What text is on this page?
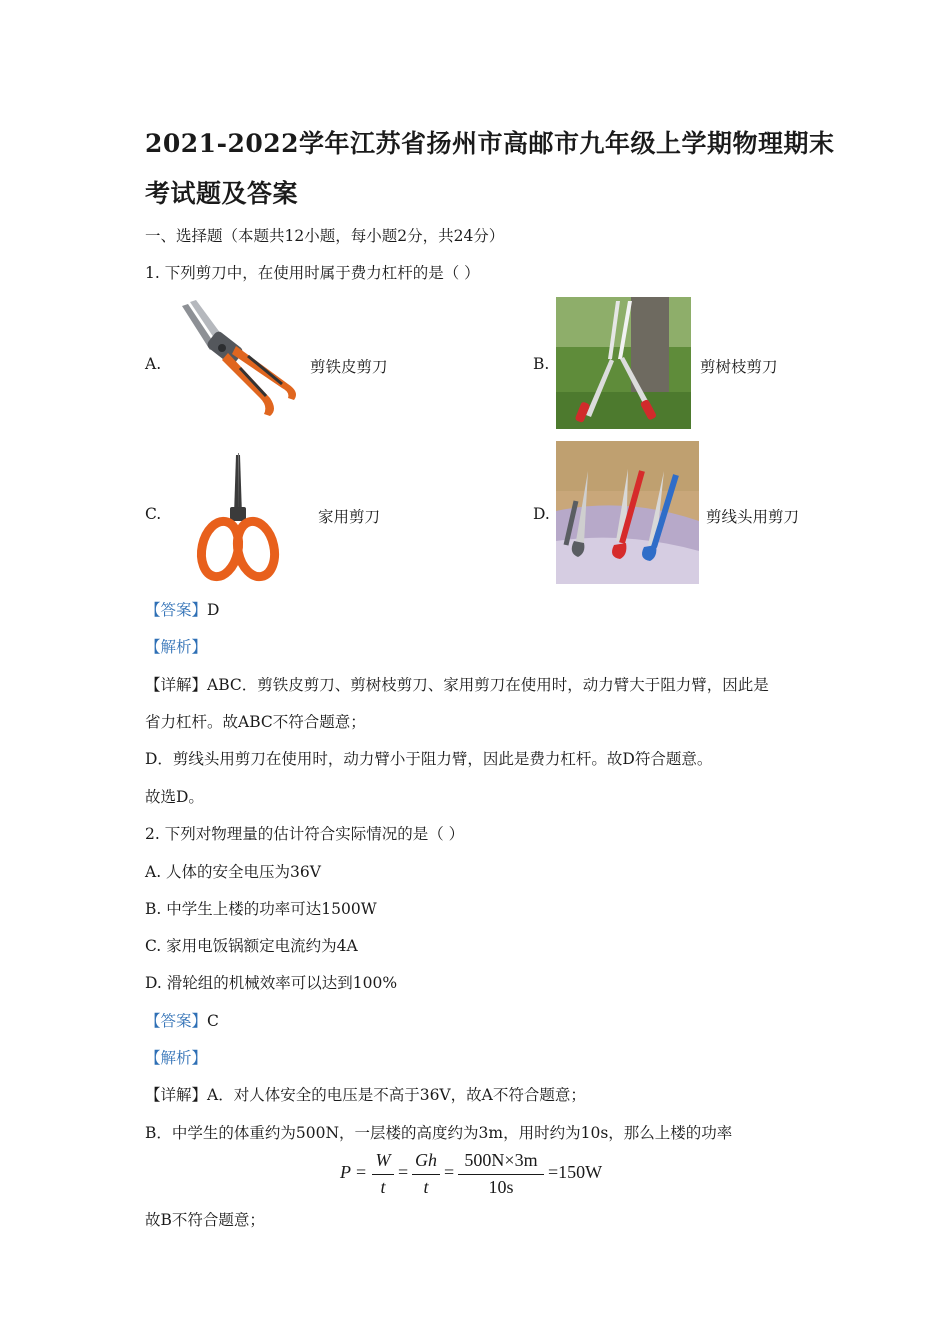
2021-2022学年江苏省扬州市高邮市九年级上学期物理期末
考试题及答案
一、选择题（本题共12小题，每小题2分，共24分）
1. 下列剪刀中，在使用时属于费力杠杆的是（ ）
A.	剪铁皮剪刀	B.	剪树枝剪刀
C.	家用剪刀	D.	剪线头用剪刀
【答案】D
【解析】
【详解】ABC．剪铁皮剪刀、剪树枝剪刀、家用剪刀在使用时，动力臂大于阻力臂，因此是
省力杠杆。故ABC不符合题意；
D．剪线头用剪刀在使用时，动力臂小于阻力臂，因此是费力杠杆。故D符合题意。
故选D。
2. 下列对物理量的估计符合实际情况的是（ ）
A. 人体的安全电压为36V
B. 中学生上楼的功率可达1500W
C. 家用电饭锅额定电流约为4A
D. 滑轮组的机械效率可以达到100%
【答案】C
【解析】
【详解】A．对人体安全的电压是不高于36V，故A不符合题意；
B．中学生的体重约为500N，一层楼的高度约为3m，用时约为10s，那么上楼的功率
P =
W
t
=
Gh
t
=
500N×3m
10s
=150W
故B不符合题意；
